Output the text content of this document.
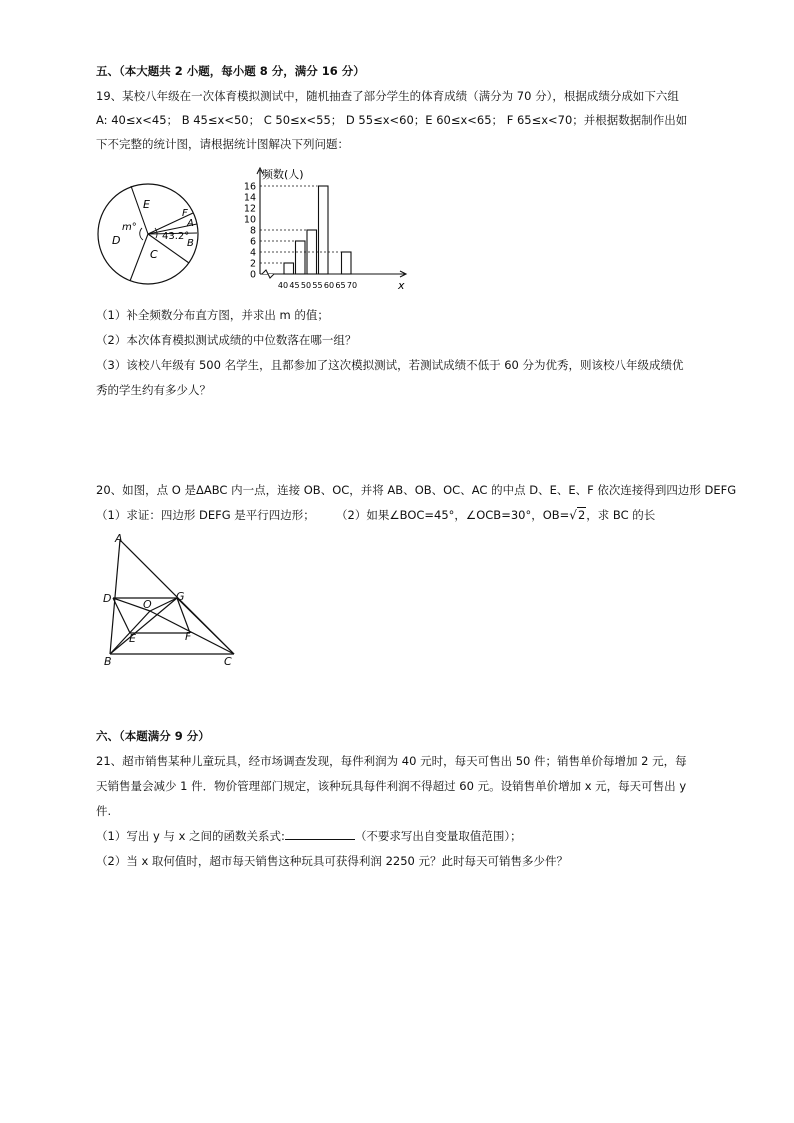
五、（本大题共 2 小题，每小题 8 分，满分 16 分）
19、某校八年级在一次体育模拟测试中，随机抽查了部分学生的体育成绩（满分为 70 分），根据成绩分成如下六组
A: 40≤x<45； B 45≤x<50； C 50≤x<55； D 55≤x<60；E 60≤x<65； F 65≤x<70；并根据数据制作出如
下不完整的统计图，请根据统计图解决下列问题：
E
F
A
B
C
D
m°
43.2°
频数(人)
x
16
14
12
10
8
6
4
2
0
40 45 50 55 60 65 70
（1）补全频数分布直方图，并求出 m 的值；
（2）本次体育模拟测试成绩的中位数落在哪一组？
（3）该校八年级有 500 名学生，且都参加了这次模拟测试，若测试成绩不低于 60 分为优秀，则该校八年级成绩优
秀的学生约有多少人？
20、如图，点 O 是ΔABC 内一点，连接 OB、OC，并将 AB、OB、OC、AC 的中点 D、E、E、F 依次连接得到四边形 DEFG
（1）求证：四边形 DEFG 是平行四边形； （2）如果∠BOC=45°，∠OCB=30°，OB=√2，求 BC 的长
A
D	G
O
E	F
B	C
六、（本题满分 9 分）
21、超市销售某种儿童玩具，经市场调查发现，每件利润为 40 元时，每天可售出 50 件；销售单价每增加 2 元，每
天销售量会减少 1 件．物价管理部门规定，该种玩具每件利润不得超过 60 元。设销售单价增加 x 元，每天可售出 y
件.
（1）写出 y 与 x 之间的函数关系式:	（不要求写出自变量取值范围）；
（2）当 x 取何值时，超市每天销售这种玩具可获得利润 2250 元？此时每天可销售多少件？
